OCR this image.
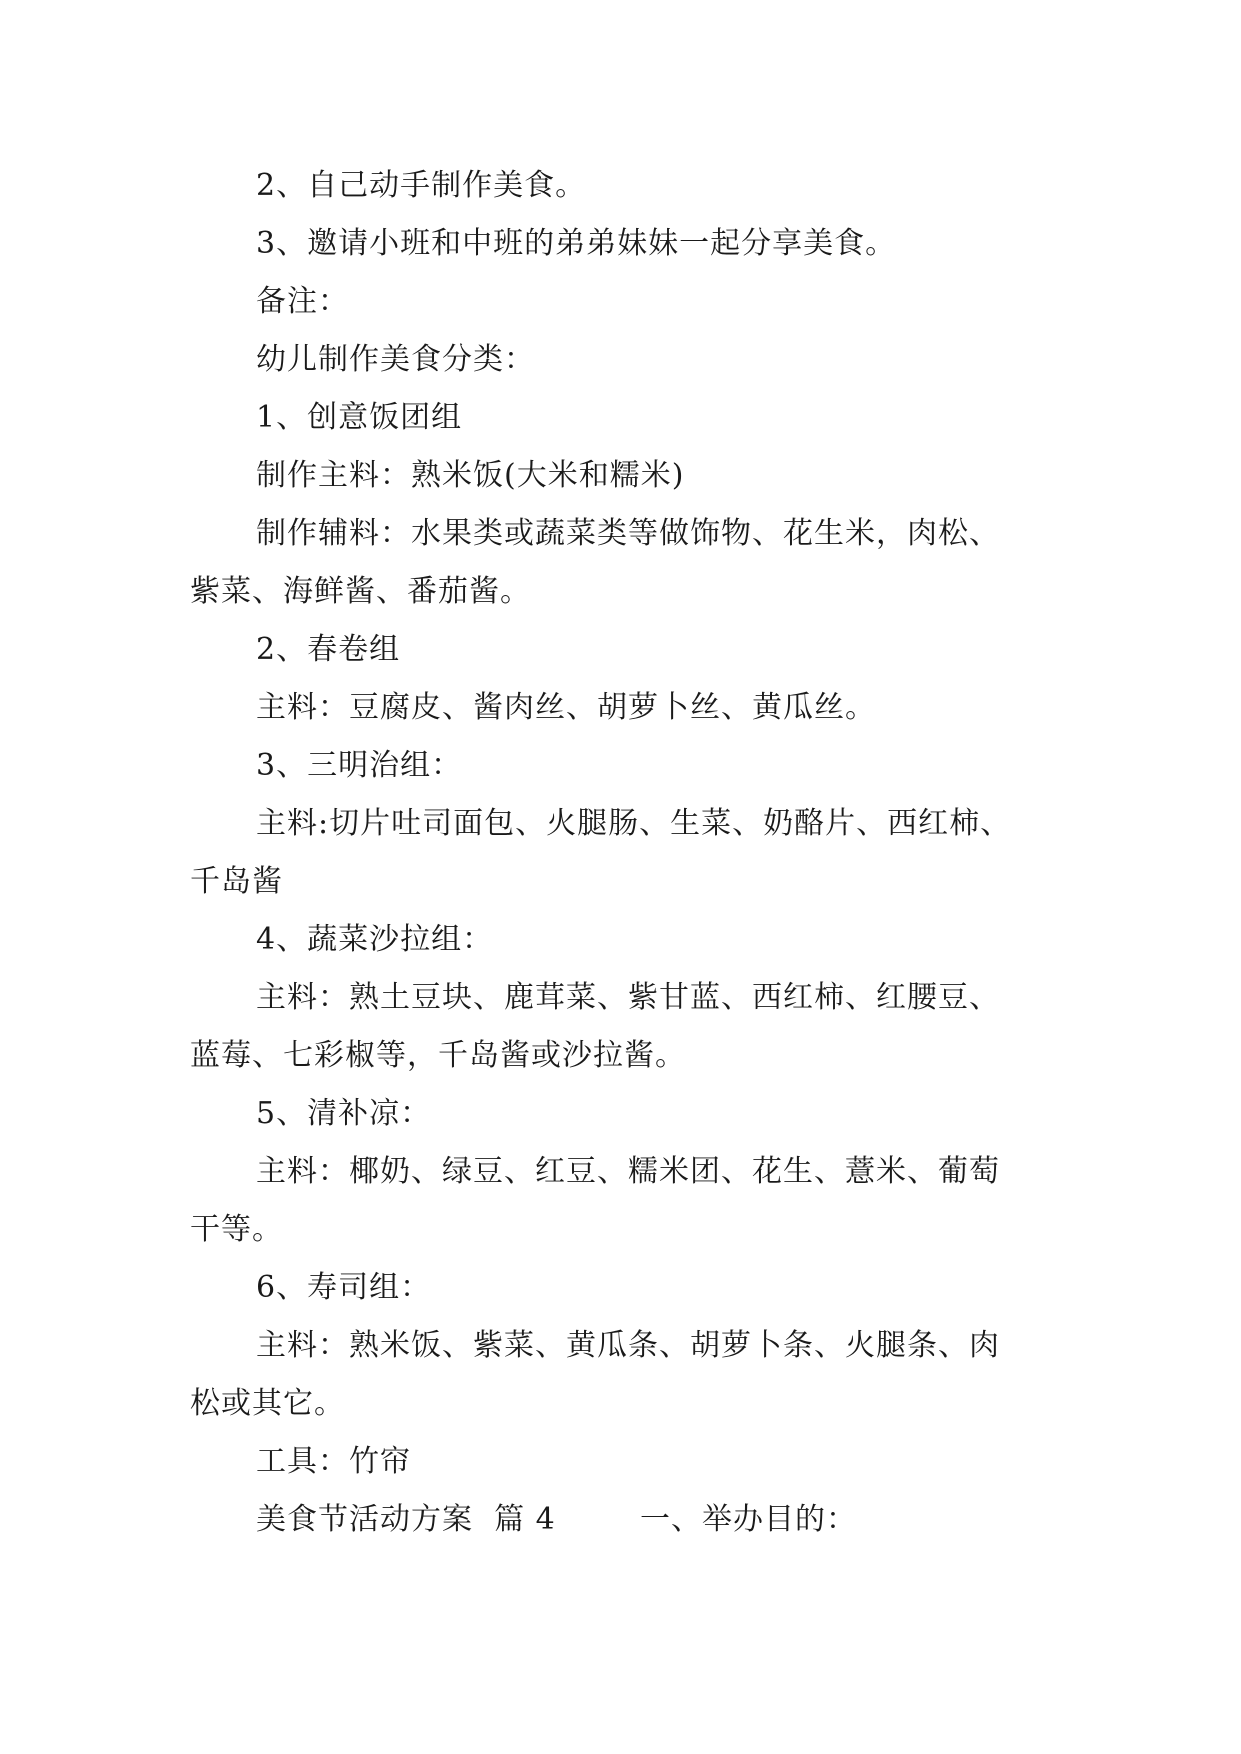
2、自己动手制作美食。
3、邀请小班和中班的弟弟妹妹一起分享美食。
备注：
幼儿制作美食分类：
1、创意饭团组
制作主料：熟米饭(大米和糯米)
制作辅料：水果类或蔬菜类等做饰物、花生米，肉松、
紫菜、海鲜酱、番茄酱。
2、春卷组
主料：豆腐皮、酱肉丝、胡萝卜丝、黄瓜丝。
3、三明治组：
主料:切片吐司面包、火腿肠、生菜、奶酪片、西红柿、
千岛酱
4、蔬菜沙拉组：
主料：熟土豆块、鹿茸菜、紫甘蓝、西红柿、红腰豆、
蓝莓、七彩椒等，千岛酱或沙拉酱。
5、清补凉：
主料：椰奶、绿豆、红豆、糯米团、花生、薏米、葡萄
干等。
6、寿司组：
主料：熟米饭、紫菜、黄瓜条、胡萝卜条、火腿条、肉
松或其它。
工具：竹帘
美食节活动方案  篇 4        一、举办目的：
